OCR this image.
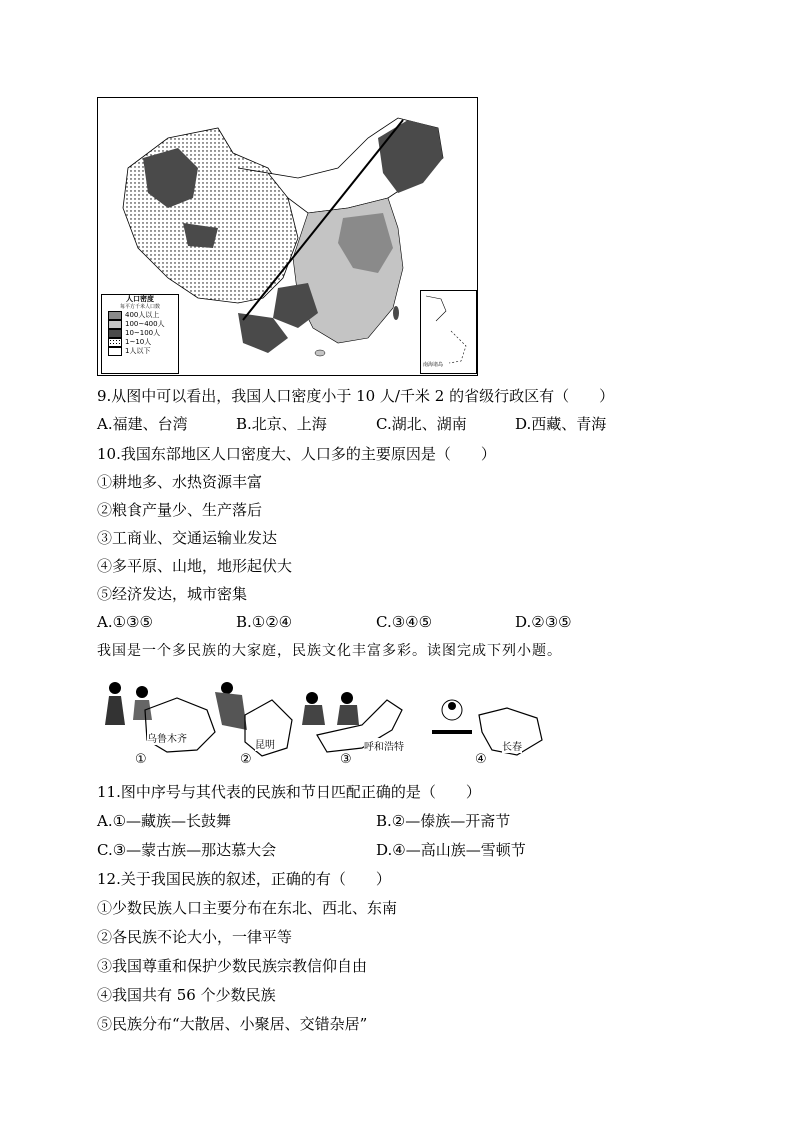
人口密度
每平方千米人口数
400人以上
100~400人
10~100人
1~10人
1人以下
南海诸岛
9.从图中可以看出，我国人口密度小于 10 人/千米 2 的省级行政区有（　　）
A.福建、台湾	B.北京、上海	C.湖北、湖南	D.西藏、青海
10.我国东部地区人口密度大、人口多的主要原因是（　　）
①耕地多、水热资源丰富
②粮食产量少、生产落后
③工商业、交通运输业发达
④多平原、山地，地形起伏大
⑤经济发达，城市密集
A.①③⑤	B.①②④	C.③④⑤	D.②③⑤
我国是一个多民族的大家庭，民族文化丰富多彩。读图完成下列小题。
乌鲁木齐
昆明	呼和浩特	长春
①	②	③	④
11.图中序号与其代表的民族和节日匹配正确的是（　　）
A.①—藏族—长鼓舞	B.②—傣族—开斋节
C.③—蒙古族—那达慕大会	D.④—高山族—雪顿节
12.关于我国民族的叙述，正确的有（　　）
①少数民族人口主要分布在东北、西北、东南
②各民族不论大小，一律平等
③我国尊重和保护少数民族宗教信仰自由
④我国共有 56 个少数民族
⑤民族分布“大散居、小聚居、交错杂居”
